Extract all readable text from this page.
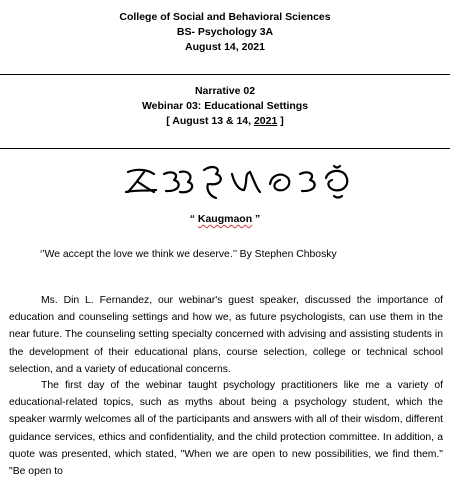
College of Social and Behavioral Sciences
BS- Psychology 3A
August 14, 2021
Narrative 02
Webinar 03: Educational Settings
[ August 13 & 14, 2021 ]
“ Kaugmaon ”
‘’We accept the love we think we deserve.’’ By Stephen Chbosky

Ms. Din L. Fernandez, our webinar's guest speaker, discussed the importance of education and counseling settings and how we, as future psychologists, can use them in the near future. The counseling setting specialty concerned with advising and assisting students in the development of their educational plans, course selection, college or technical school selection, and a variety of educational concerns.

The first day of the webinar taught psychology practitioners like me a variety of educational-related topics, such as myths about being a psychology student, which the speaker warmly welcomes all of the participants and answers with all of their wisdom, different guidance services, ethics and confidentiality, and the child protection committee. In addition, a quote was presented, which stated, "When we are open to new possibilities, we find them." "Be open to
